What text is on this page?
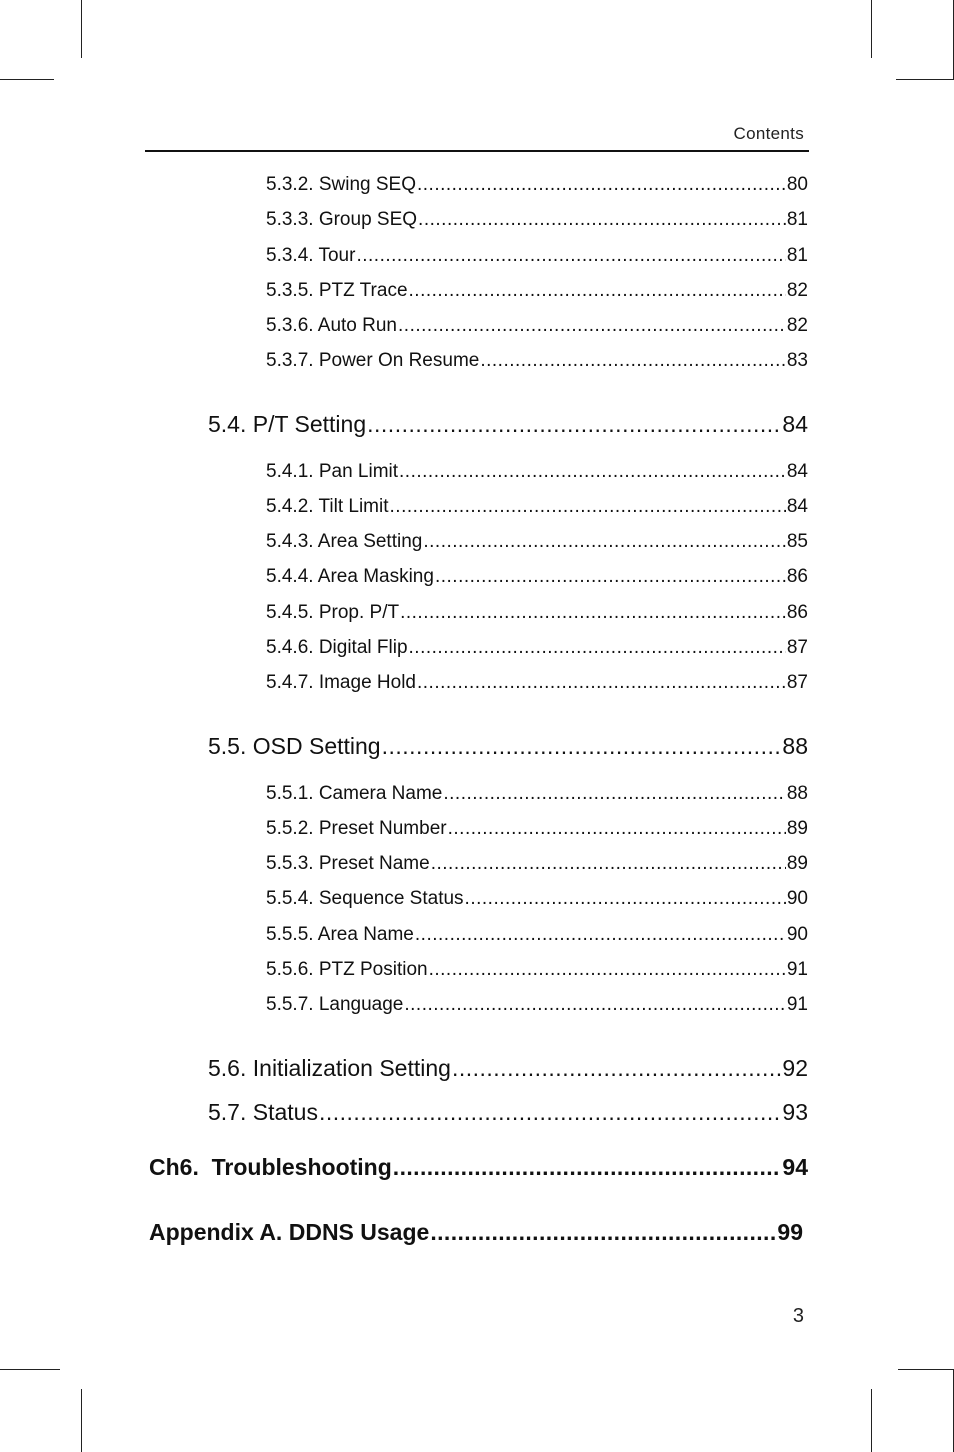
Contents
5.3.2. Swing SEQ .....	80
5.3.3. Group SEQ .....	81
5.3.4. Tour .....	81
5.3.5. PTZ Trace .....	82
5.3.6. Auto Run .....	82
5.3.7. Power On Resume .....	83
5.4. P/T Setting .....	84
5.4.1. Pan Limit .....	84
5.4.2. Tilt Limit .....	84
5.4.3. Area Setting .....	85
5.4.4. Area Masking .....	86
5.4.5. Prop. P/T .....	86
5.4.6. Digital Flip .....	87
5.4.7. Image Hold .....	87
5.5. OSD Setting .....	88
5.5.1. Camera Name .....	88
5.5.2. Preset Number .....	89
5.5.3. Preset Name .....	89
5.5.4. Sequence Status .....	90
5.5.5. Area Name .....	90
5.5.6. PTZ Position .....	91
5.5.7. Language .....	91
5.6. Initialization Setting .....	92
5.7. Status .....	93
Ch6. Troubleshooting .....	94
Appendix A. DDNS Usage .....	99
3
